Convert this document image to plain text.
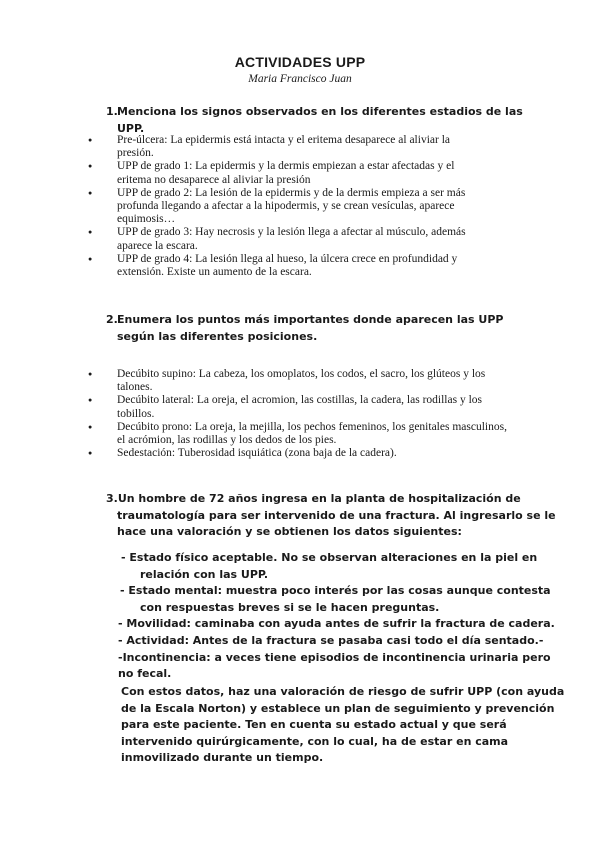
ACTIVIDADES UPP
Maria Francisco Juan
1. Menciona los signos observados en los diferentes estadios de las UPP.
● Pre-úlcera: La epidermis está intacta y el eritema desaparece al aliviar la presión.
● UPP de grado 1: La epidermis y la dermis empiezan a estar afectadas y el eritema no desaparece al aliviar la presión
● UPP de grado 2: La lesión de la epidermis y de la dermis empieza a ser más profunda llegando a afectar a la hipodermis, y se crean vesículas, aparece equimosis…
● UPP de grado 3: Hay necrosis y la lesión llega a afectar al músculo, además aparece la escara.
● UPP de grado 4: La lesión llega al hueso, la úlcera crece en profundidad y extensión. Existe un aumento de la escara.
2. Enumera los puntos más importantes donde aparecen las UPP según las diferentes posiciones.
● Decúbito supino: La cabeza, los omoplatos, los codos, el sacro, los glúteos y los talones.
● Decúbito lateral: La oreja, el acromion, las costillas, la cadera, las rodillas y los tobillos.
● Decúbito prono: La oreja, la mejilla, los pechos femeninos, los genitales masculinos, el acrómion, las rodillas y los dedos de los pies.
● Sedestación: Tuberosidad isquiática (zona baja de la cadera).
3.Un hombre de 72 años ingresa en la planta de hospitalización de
traumatología para ser intervenido de una fractura. Al ingresarlo se le
hace una valoración y se obtienen los datos siguientes:
- Estado físico aceptable. No se observan alteraciones en la piel en
relación con las UPP.
- Estado mental: muestra poco interés por las cosas aunque contesta
con respuestas breves si se le hacen preguntas.
- Movilidad: caminaba con ayuda antes de sufrir la fractura de cadera.
- Actividad: Antes de la fractura se pasaba casi todo el día sentado.-
-Incontinencia: a veces tiene episodios de incontinencia urinaria pero
no fecal.
Con estos datos, haz una valoración de riesgo de sufrir UPP (con ayuda
de la Escala Norton) y establece un plan de seguimiento y prevención
para este paciente. Ten en cuenta su estado actual y que será
intervenido quirúrgicamente, con lo cual, ha de estar en cama
inmovilizado durante un tiempo.
